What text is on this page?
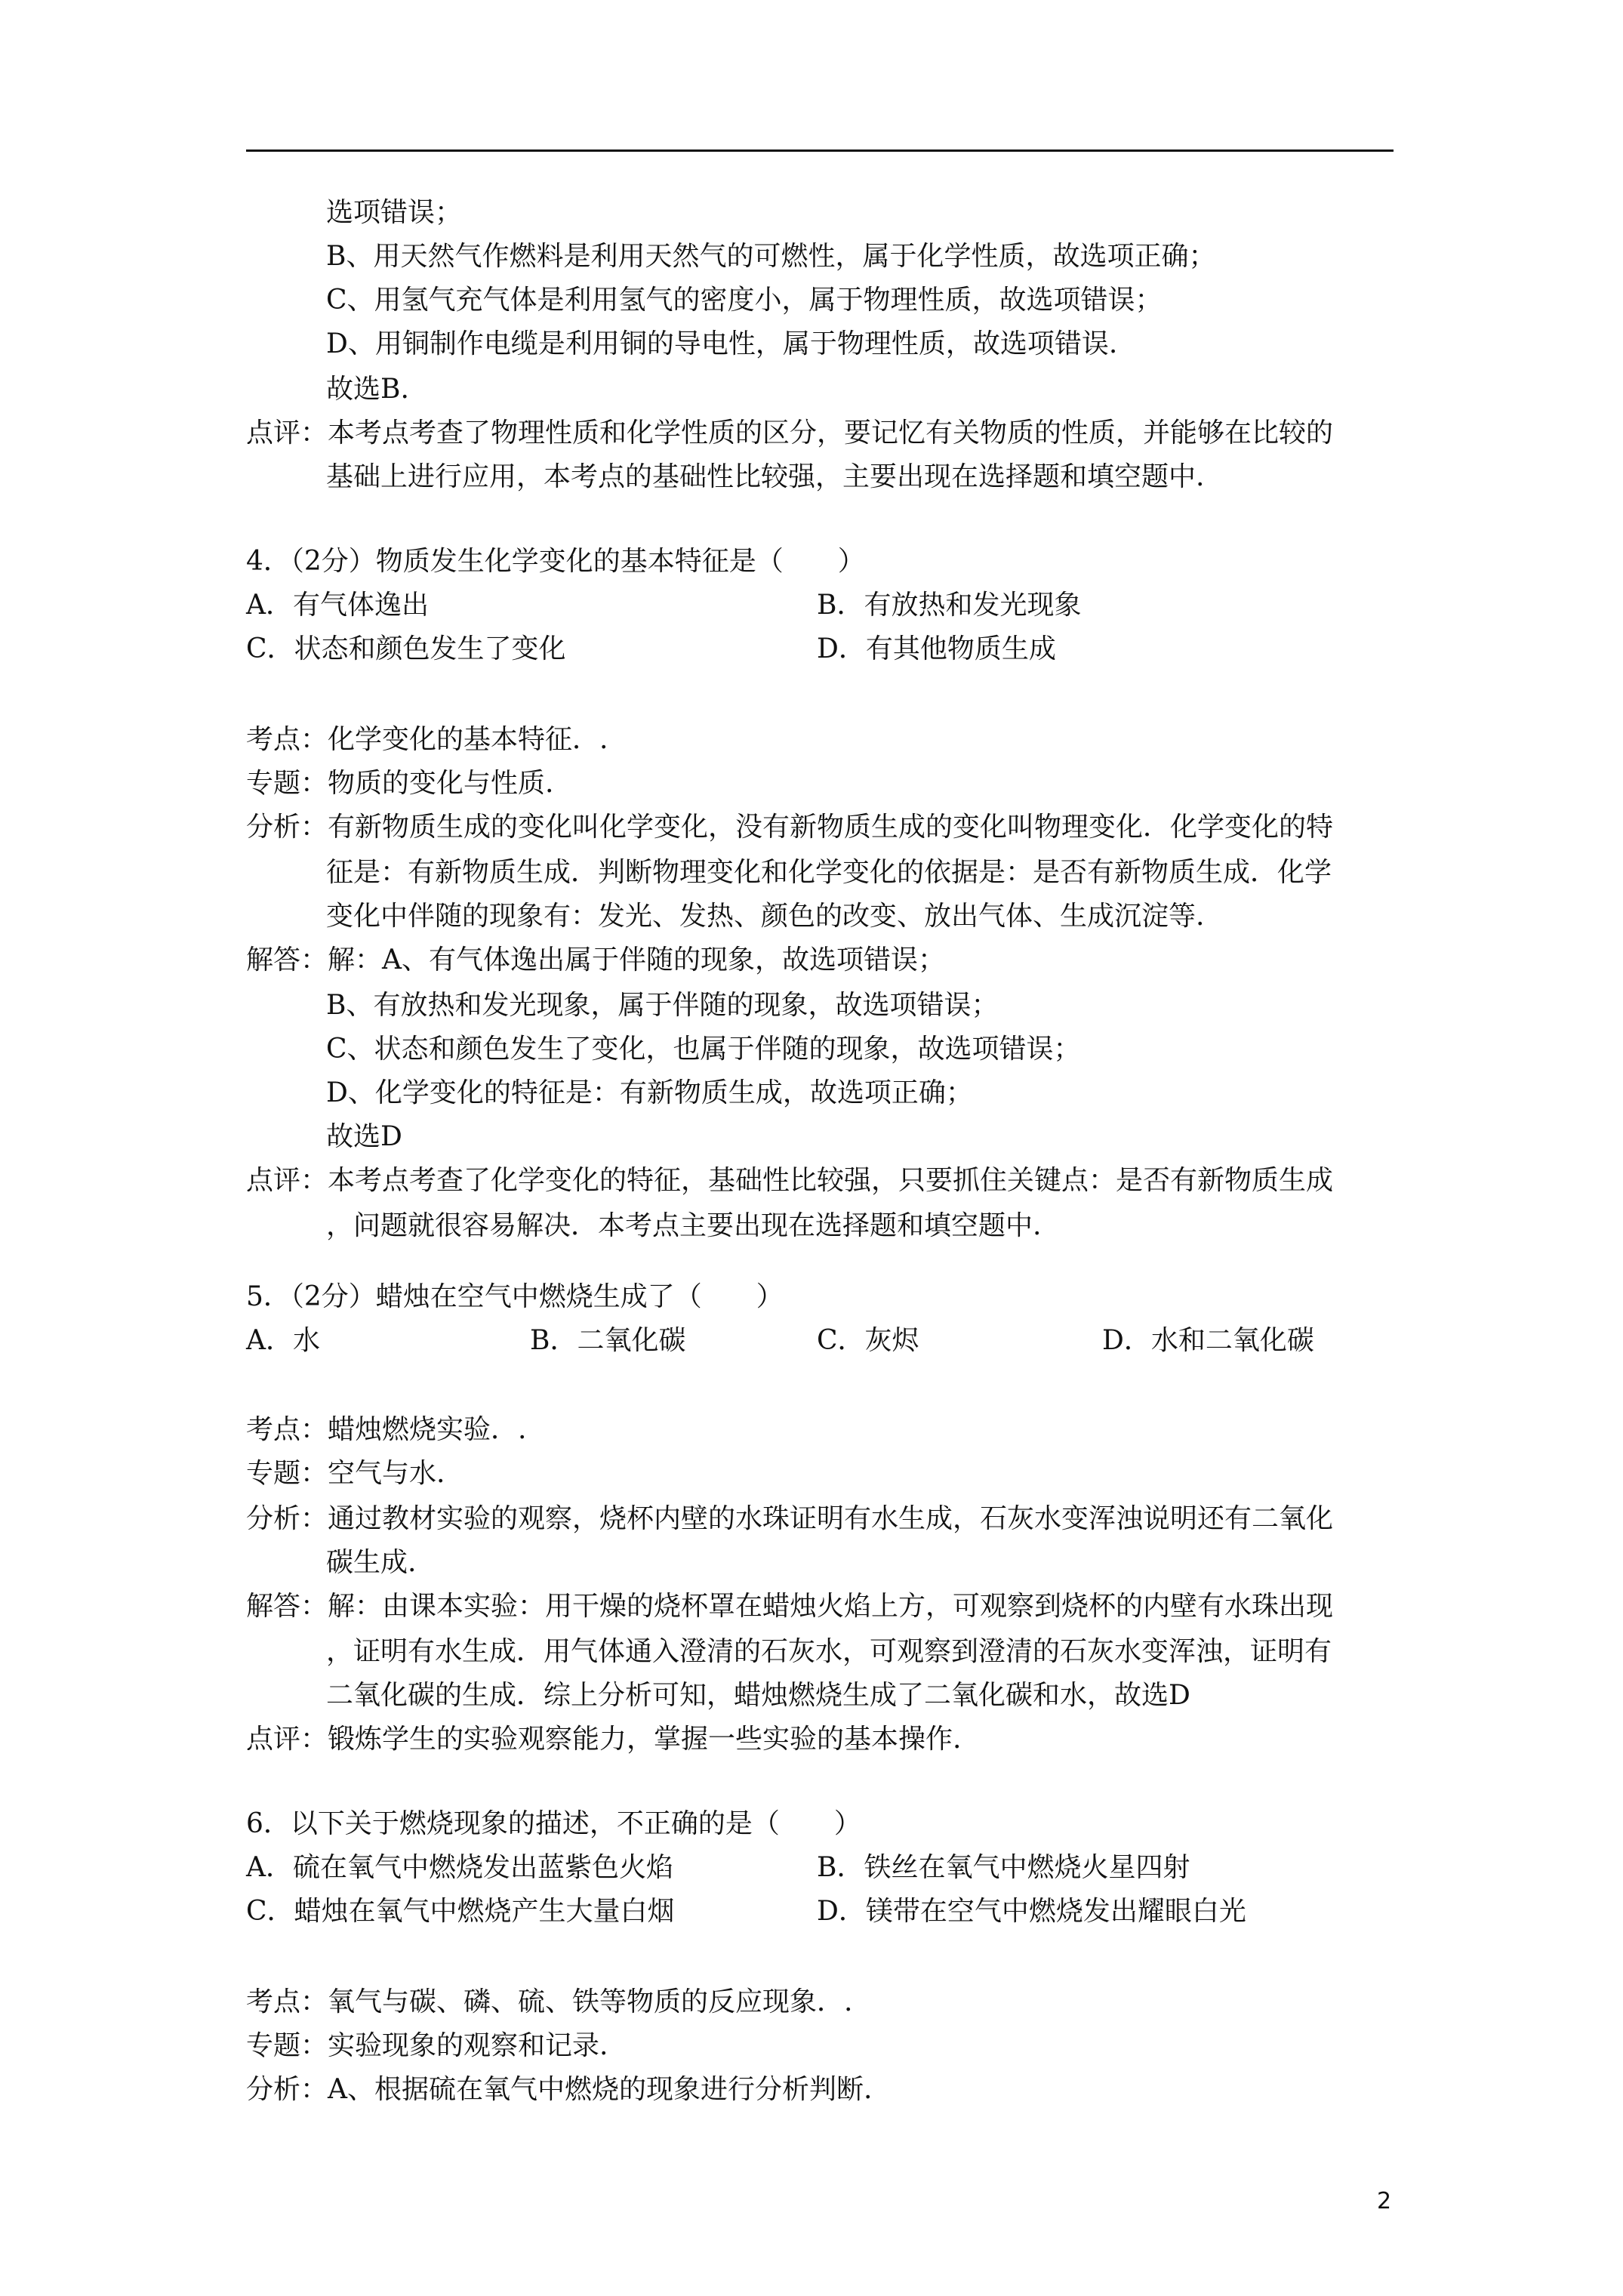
选项错误；
B、用天然气作燃料是利用天然气的可燃性，属于化学性质，故选项正确；
C、用氢气充气体是利用氢气的密度小，属于物理性质，故选项错误；
D、用铜制作电缆是利用铜的导电性，属于物理性质，故选项错误.
故选B.
点评：本考点考查了物理性质和化学性质的区分，要记忆有关物质的性质，并能够在比较的
基础上进行应用，本考点的基础性比较强，主要出现在选择题和填空题中.
4．（2分）物质发生化学变化的基本特征是（　　）
A．有气体逸出	B．有放热和发光现象
C．状态和颜色发生了变化	D．有其他物质生成
考点：化学变化的基本特征．.
专题：物质的变化与性质.
分析：有新物质生成的变化叫化学变化，没有新物质生成的变化叫物理变化．化学变化的特
征是：有新物质生成．判断物理变化和化学变化的依据是：是否有新物质生成．化学
变化中伴随的现象有：发光、发热、颜色的改变、放出气体、生成沉淀等.
解答：解：A、有气体逸出属于伴随的现象，故选项错误；
B、有放热和发光现象，属于伴随的现象，故选项错误；
C、状态和颜色发生了变化，也属于伴随的现象，故选项错误；
D、化学变化的特征是：有新物质生成，故选项正确；
故选D
点评：本考点考查了化学变化的特征，基础性比较强，只要抓住关键点：是否有新物质生成
，问题就很容易解决．本考点主要出现在选择题和填空题中.
5．（2分）蜡烛在空气中燃烧生成了（　　）
A．水	B．二氧化碳	C．灰烬	D．水和二氧化碳
考点：蜡烛燃烧实验．.
专题：空气与水.
分析：通过教材实验的观察，烧杯内壁的水珠证明有水生成，石灰水变浑浊说明还有二氧化
碳生成.
解答：解：由课本实验：用干燥的烧杯罩在蜡烛火焰上方，可观察到烧杯的内壁有水珠出现
，证明有水生成．用气体通入澄清的石灰水，可观察到澄清的石灰水变浑浊，证明有
二氧化碳的生成．综上分析可知，蜡烛燃烧生成了二氧化碳和水，故选D
点评：锻炼学生的实验观察能力，掌握一些实验的基本操作.
6．以下关于燃烧现象的描述，不正确的是（　　）
A．硫在氧气中燃烧发出蓝紫色火焰	B．铁丝在氧气中燃烧火星四射
C．蜡烛在氧气中燃烧产生大量白烟	D．镁带在空气中燃烧发出耀眼白光
考点：氧气与碳、磷、硫、铁等物质的反应现象．.
专题：实验现象的观察和记录.
分析：A、根据硫在氧气中燃烧的现象进行分析判断.
2
